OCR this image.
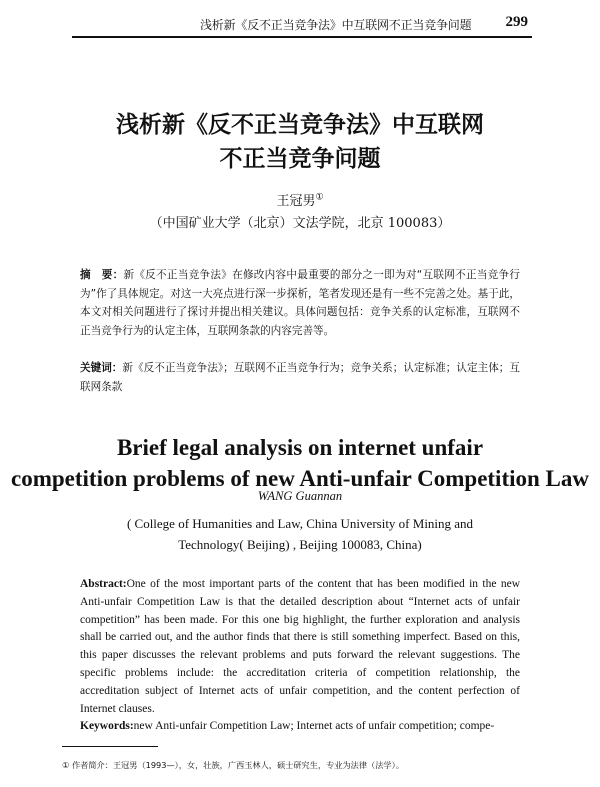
浅析新《反不正当竞争法》中互联网不正当竞争问题 299
浅析新《反不正当竞争法》中互联网
不正当竞争问题
王冠男①
（中国矿业大学（北京）文法学院，北京 100083）
摘　要：新《反不正当竞争法》在修改内容中最重要的部分之一即为对“互联网不正当竞争行为”作了具体规定。对这一大亮点进行深一步探析，笔者发现还是有一些不完善之处。基于此，本文对相关问题进行了探讨并提出相关建议。具体问题包括：竞争关系的认定标准，互联网不正当竞争行为的认定主体，互联网条款的内容完善等。
关键词：新《反不正当竞争法》；互联网不正当竞争行为；竞争关系；认定标准；认定主体；互联网条款
Brief legal analysis on internet unfair
competition problems of new Anti-unfair Competition Law
WANG Guannan
( College of Humanities and Law, China University of Mining and
Technology( Beijing) , Beijing 100083, China)
Abstract:One of the most important parts of the content that has been modified in the new Anti-unfair Competition Law is that the detailed description about “Internet acts of unfair competition” has been made. For this one big highlight, the further exploration and analysis shall be carried out, and the author finds that there is still something imperfect. Based on this, this paper discusses the relevant problems and puts forward the relevant suggestions. The specific problems include: the accreditation criteria of competition relationship, the accreditation subject of Internet acts of unfair competition, and the content perfection of Internet clauses.
Keywords:new Anti-unfair Competition Law; Internet acts of unfair competition; compe-
① 作者简介：王冠男（1993—），女，壮族，广西玉林人，硕士研究生，专业为法律（法学）。
